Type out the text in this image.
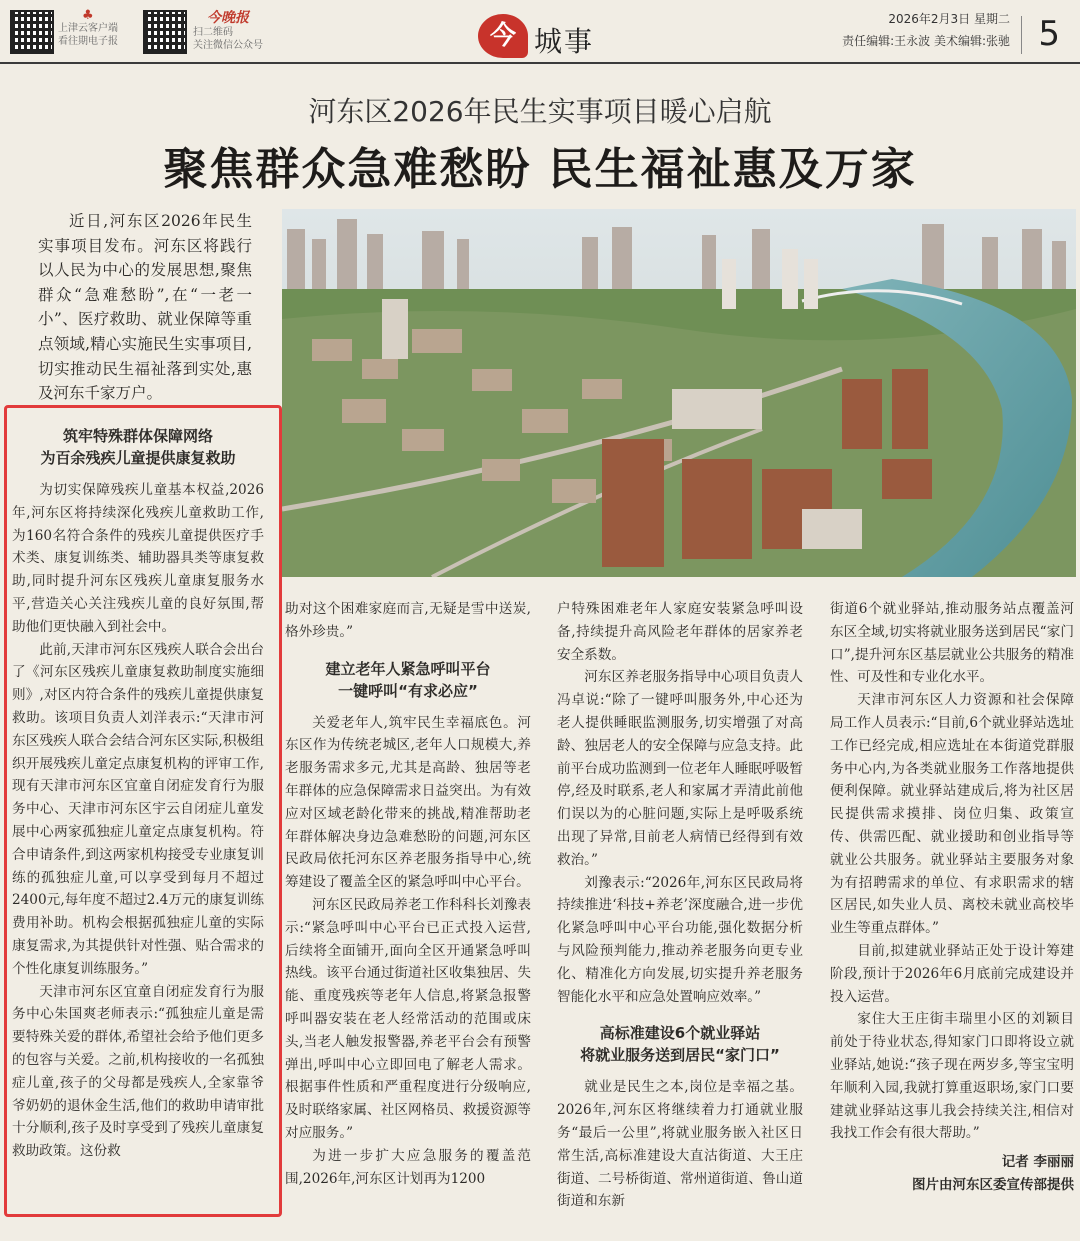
♣
上津云客户端
看往期电子报
今晚报
扫二维码
关注微信公众号	今 城事
2026年2月3日 星期二
责任编辑:王永波 美术编辑:张驰 5
河东区2026年民生实事项目暖心启航
聚焦群众急难愁盼 民生福祉惠及万家

近日,河东区2026年民生实事项目发布。河东区将践行以人民为中心的发展思想,聚焦群众“急难愁盼”,在“一老一小”、医疗救助、就业保障等重点领域,精心实施民生实事项目,切实推动民生福祉落到实处,惠及河东千家万户。

筑牢特殊群体保障网络
为百余残疾儿童提供康复救助

为切实保障残疾儿童基本权益,2026年,河东区将持续深化残疾儿童救助工作,为160名符合条件的残疾儿童提供医疗手术类、康复训练类、辅助器具类等康复救助,同时提升河东区残疾儿童康复服务水平,营造关心关注残疾儿童的良好氛围,帮助他们更快融入到社会中。

此前,天津市河东区残疾人联合会出台了《河东区残疾儿童康复救助制度实施细则》,对区内符合条件的残疾儿童提供康复救助。该项目负责人刘洋表示:“天津市河东区残疾人联合会结合河东区实际,积极组织开展残疾儿童定点康复机构的评审工作,现有天津市河东区宜童自闭症发育行为服务中心、天津市河东区宇云自闭症儿童发展中心两家孤独症儿童定点康复机构。符合申请条件,到这两家机构接受专业康复训练的孤独症儿童,可以享受到每月不超过2400元,每年度不超过2.4万元的康复训练费用补助。机构会根据孤独症儿童的实际康复需求,为其提供针对性强、贴合需求的个性化康复训练服务。”

天津市河东区宜童自闭症发育行为服务中心朱国爽老师表示:“孤独症儿童是需要特殊关爱的群体,希望社会给予他们更多的包容与关爱。之前,机构接收的一名孤独症儿童,孩子的父母都是残疾人,全家靠爷爷奶奶的退休金生活,他们的救助申请审批十分顺利,孩子及时享受到了残疾儿童康复救助政策。这份救

助对这个困难家庭而言,无疑是雪中送炭,格外珍贵。”

建立老年人紧急呼叫平台
一键呼叫“有求必应”

关爱老年人,筑牢民生幸福底色。河东区作为传统老城区,老年人口规模大,养老服务需求多元,尤其是高龄、独居等老年群体的应急保障需求日益突出。为有效应对区域老龄化带来的挑战,精准帮助老年群体解决身边急难愁盼的问题,河东区民政局依托河东区养老服务指导中心,统筹建设了覆盖全区的紧急呼叫中心平台。

河东区民政局养老工作科科长刘豫表示:“紧急呼叫中心平台已正式投入运营,后续将全面铺开,面向全区开通紧急呼叫热线。该平台通过街道社区收集独居、失能、重度残疾等老年人信息,将紧急报警呼叫器安装在老人经常活动的范围或床头,当老人触发报警器,养老平台会有预警弹出,呼叫中心立即回电了解老人需求。根据事件性质和严重程度进行分级响应,及时联络家属、社区网格员、救援资源等对应服务。”

为进一步扩大应急服务的覆盖范围,2026年,河东区计划再为1200

户特殊困难老年人家庭安装紧急呼叫设备,持续提升高风险老年群体的居家养老安全系数。

河东区养老服务指导中心项目负责人冯卓说:“除了一键呼叫服务外,中心还为老人提供睡眠监测服务,切实增强了对高龄、独居老人的安全保障与应急支持。此前平台成功监测到一位老年人睡眠呼吸暂停,经及时联系,老人和家属才弄清此前他们误以为的心脏问题,实际上是呼吸系统出现了异常,目前老人病情已经得到有效救治。”

刘豫表示:“2026年,河东区民政局将持续推进‘科技+养老’深度融合,进一步优化紧急呼叫中心平台功能,强化数据分析与风险预判能力,推动养老服务向更专业化、精准化方向发展,切实提升养老服务智能化水平和应急处置响应效率。”

高标准建设6个就业驿站
将就业服务送到居民“家门口”

就业是民生之本,岗位是幸福之基。2026年,河东区将继续着力打通就业服务“最后一公里”,将就业服务嵌入社区日常生活,高标准建设大直沽街道、大王庄街道、二号桥街道、常州道街道、鲁山道街道和东新

街道6个就业驿站,推动服务站点覆盖河东区全域,切实将就业服务送到居民“家门口”,提升河东区基层就业公共服务的精准性、可及性和专业化水平。

天津市河东区人力资源和社会保障局工作人员表示:“目前,6个就业驿站选址工作已经完成,相应选址在本街道党群服务中心内,为各类就业服务工作落地提供便利保障。就业驿站建成后,将为社区居民提供需求摸排、岗位归集、政策宣传、供需匹配、就业援助和创业指导等就业公共服务。就业驿站主要服务对象为有招聘需求的单位、有求职需求的辖区居民,如失业人员、离校未就业高校毕业生等重点群体。”

目前,拟建就业驿站正处于设计筹建阶段,预计于2026年6月底前完成建设并投入运营。

家住大王庄街丰瑞里小区的刘颖目前处于待业状态,得知家门口即将设立就业驿站,她说:“孩子现在两岁多,等宝宝明年顺利入园,我就打算重返职场,家门口要建就业驿站这事儿我会持续关注,相信对我找工作会有很大帮助。”

记者 李丽丽
图片由河东区委宣传部提供
